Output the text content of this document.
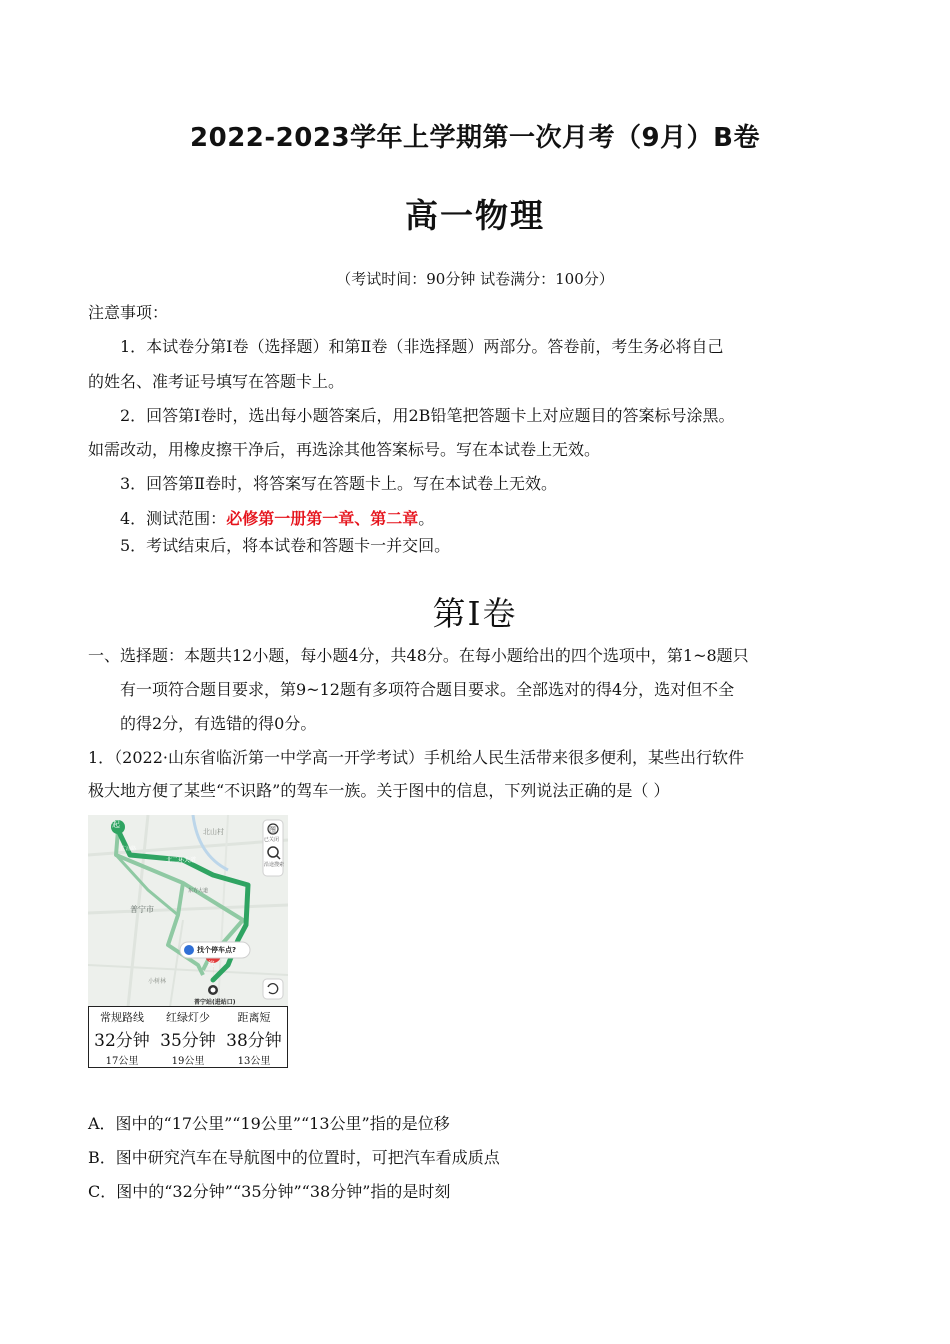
2022-2023学年上学期第一次月考（9月）B卷
高一物理
（考试时间：90分钟 试卷满分：100分）
注意事项：
1．本试卷分第Ⅰ卷（选择题）和第Ⅱ卷（非选择题）两部分。答卷前，考生务必将自己
的姓名、准考证号填写在答题卡上。
2．回答第Ⅰ卷时，选出每小题答案后，用2B铅笔把答题卡上对应题目的答案标号涂黑。
如需改动，用橡皮擦干净后，再选涂其他答案标号。写在本试卷上无效。
3．回答第Ⅱ卷时，将答案写在答题卡上。写在本试卷上无效。
4．测试范围：必修第一册第一章、第二章。
5．考试结束后，将本试卷和答题卡一并交回。
第Ⅰ卷
一、选择题：本题共12小题，每小题4分，共48分。在每小题给出的四个选项中，第1~8题只
有一项符合题目要求，第9~12题有多项符合题目要求。全部选对的得4分，选对但不全
的得2分，有选错的得0分。
1．（2022·山东省临沂第一中学高一开学考试）手机给人民生活带来很多便利，某些出行软件
极大地方便了某些“不识路”的驾车一族。关于图中的信息，下列说法正确的是（ ）
起
终
图
已关闭
沿途搜索
北山村
普宁市
小树林
北二环大道
广汕路
东方大道
找个停车点?
普宁站(进站口)
常规路线
32分钟
17公里
红绿灯少
35分钟
19公里
距离短
38分钟
13公里
A．图中的“17公里”“19公里”“13公里”指的是位移
B．图中研究汽车在导航图中的位置时，可把汽车看成质点
C．图中的“32分钟”“35分钟”“38分钟”指的是时刻
